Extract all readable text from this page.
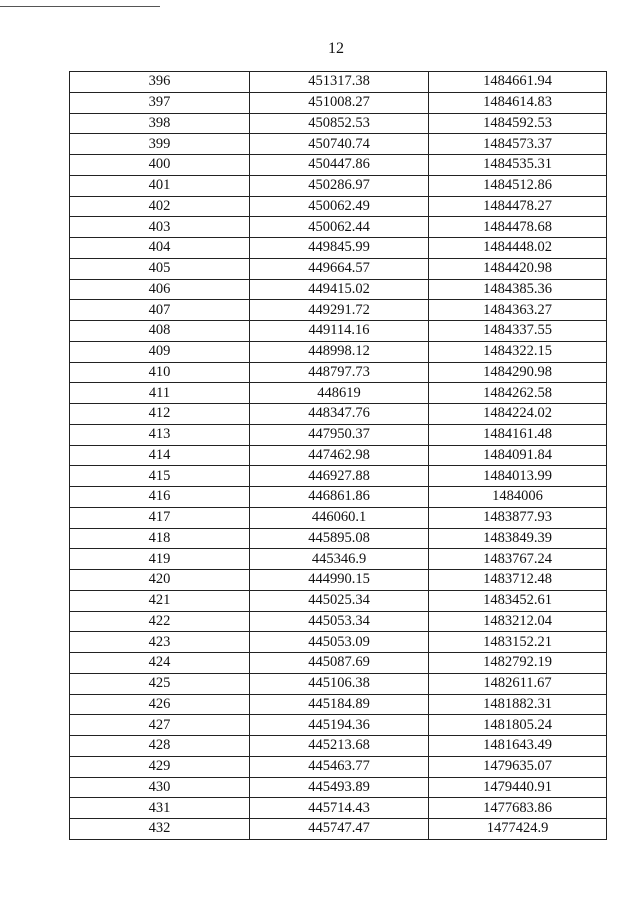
12
396	451317.38	1484661.94
397	451008.27	1484614.83
398	450852.53	1484592.53
399	450740.74	1484573.37
400	450447.86	1484535.31
401	450286.97	1484512.86
402	450062.49	1484478.27
403	450062.44	1484478.68
404	449845.99	1484448.02
405	449664.57	1484420.98
406	449415.02	1484385.36
407	449291.72	1484363.27
408	449114.16	1484337.55
409	448998.12	1484322.15
410	448797.73	1484290.98
411	448619	1484262.58
412	448347.76	1484224.02
413	447950.37	1484161.48
414	447462.98	1484091.84
415	446927.88	1484013.99
416	446861.86	1484006
417	446060.1	1483877.93
418	445895.08	1483849.39
419	445346.9	1483767.24
420	444990.15	1483712.48
421	445025.34	1483452.61
422	445053.34	1483212.04
423	445053.09	1483152.21
424	445087.69	1482792.19
425	445106.38	1482611.67
426	445184.89	1481882.31
427	445194.36	1481805.24
428	445213.68	1481643.49
429	445463.77	1479635.07
430	445493.89	1479440.91
431	445714.43	1477683.86
432	445747.47	1477424.9
